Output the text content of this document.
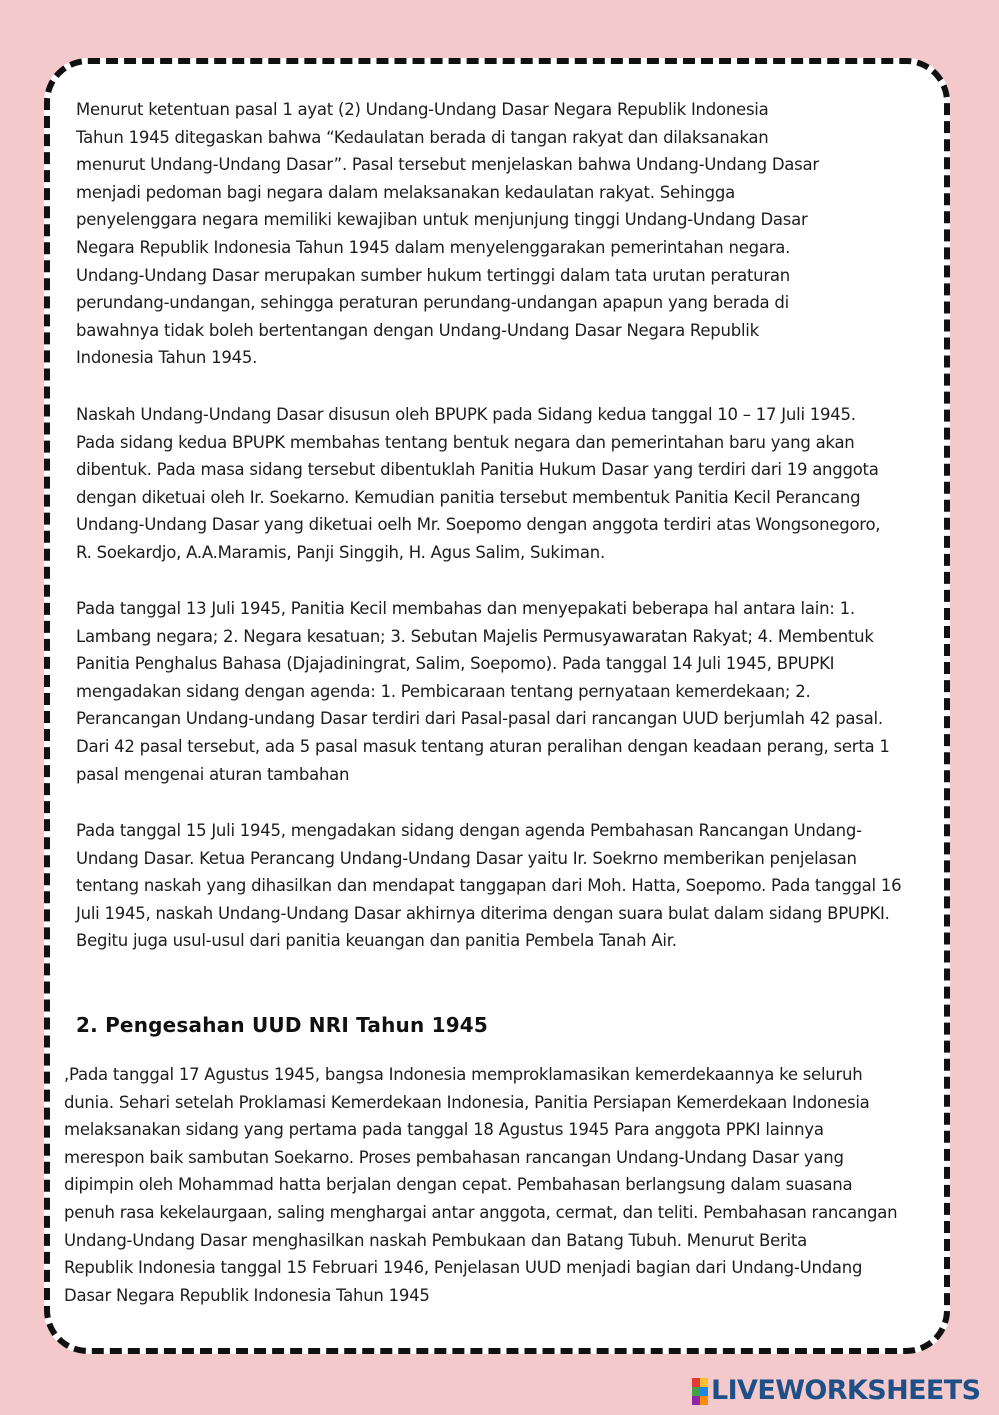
Menurut ketentuan pasal 1 ayat (2) Undang-Undang Dasar Negara Republik Indonesia
Tahun 1945 ditegaskan bahwa “Kedaulatan berada di tangan rakyat dan dilaksanakan
menurut Undang-Undang Dasar”. Pasal tersebut menjelaskan bahwa Undang-Undang Dasar
menjadi pedoman bagi negara dalam melaksanakan kedaulatan rakyat. Sehingga
penyelenggara negara memiliki kewajiban untuk menjunjung tinggi Undang-Undang Dasar
Negara Republik Indonesia Tahun 1945 dalam menyelenggarakan pemerintahan negara.
Undang-Undang Dasar merupakan sumber hukum tertinggi dalam tata urutan peraturan
perundang-undangan, sehingga peraturan perundang-undangan apapun yang berada di
bawahnya tidak boleh bertentangan dengan Undang-Undang Dasar Negara Republik
Indonesia Tahun 1945.

Naskah Undang-Undang Dasar disusun oleh BPUPK pada Sidang kedua tanggal 10 – 17 Juli 1945.
Pada sidang kedua BPUPK membahas tentang bentuk negara dan pemerintahan baru yang akan
dibentuk. Pada masa sidang tersebut dibentuklah Panitia Hukum Dasar yang terdiri dari 19 anggota
dengan diketuai oleh Ir. Soekarno. Kemudian panitia tersebut membentuk Panitia Kecil Perancang
Undang-Undang Dasar yang diketuai oelh Mr. Soepomo dengan anggota terdiri atas Wongsonegoro,
R. Soekardjo, A.A.Maramis, Panji Singgih, H. Agus Salim, Sukiman.

Pada tanggal 13 Juli 1945, Panitia Kecil membahas dan menyepakati beberapa hal antara lain: 1.
Lambang negara; 2. Negara kesatuan; 3. Sebutan Majelis Permusyawaratan Rakyat; 4. Membentuk
Panitia Penghalus Bahasa (Djajadiningrat, Salim, Soepomo). Pada tanggal 14 Juli 1945, BPUPKI
mengadakan sidang dengan agenda: 1. Pembicaraan tentang pernyataan kemerdekaan; 2.
Perancangan Undang-undang Dasar terdiri dari Pasal-pasal dari rancangan UUD berjumlah 42 pasal.
Dari 42 pasal tersebut, ada 5 pasal masuk tentang aturan peralihan dengan keadaan perang, serta 1
pasal mengenai aturan tambahan

Pada tanggal 15 Juli 1945, mengadakan sidang dengan agenda Pembahasan Rancangan Undang-
Undang Dasar. Ketua Perancang Undang-Undang Dasar yaitu Ir. Soekrno memberikan penjelasan
tentang naskah yang dihasilkan dan mendapat tanggapan dari Moh. Hatta, Soepomo. Pada tanggal 16
Juli 1945, naskah Undang-Undang Dasar akhirnya diterima dengan suara bulat dalam sidang BPUPKI.
Begitu juga usul-usul dari panitia keuangan dan panitia Pembela Tanah Air.

2. Pengesahan UUD NRI Tahun 1945

,Pada tanggal 17 Agustus 1945, bangsa Indonesia memproklamasikan kemerdekaannya ke seluruh
dunia. Sehari setelah Proklamasi Kemerdekaan Indonesia, Panitia Persiapan Kemerdekaan Indonesia
melaksanakan sidang yang pertama pada tanggal 18 Agustus 1945 Para anggota PPKI lainnya
merespon baik sambutan Soekarno. Proses pembahasan rancangan Undang-Undang Dasar yang
dipimpin oleh Mohammad hatta berjalan dengan cepat. Pembahasan berlangsung dalam suasana
penuh rasa kekelaurgaan, saling menghargai antar anggota, cermat, dan teliti. Pembahasan rancangan
Undang-Undang Dasar menghasilkan naskah Pembukaan dan Batang Tubuh. Menurut Berita
Republik Indonesia tanggal 15 Februari 1946, Penjelasan UUD menjadi bagian dari Undang-Undang
Dasar Negara Republik Indonesia Tahun 1945

LIVEWORKSHEETS
